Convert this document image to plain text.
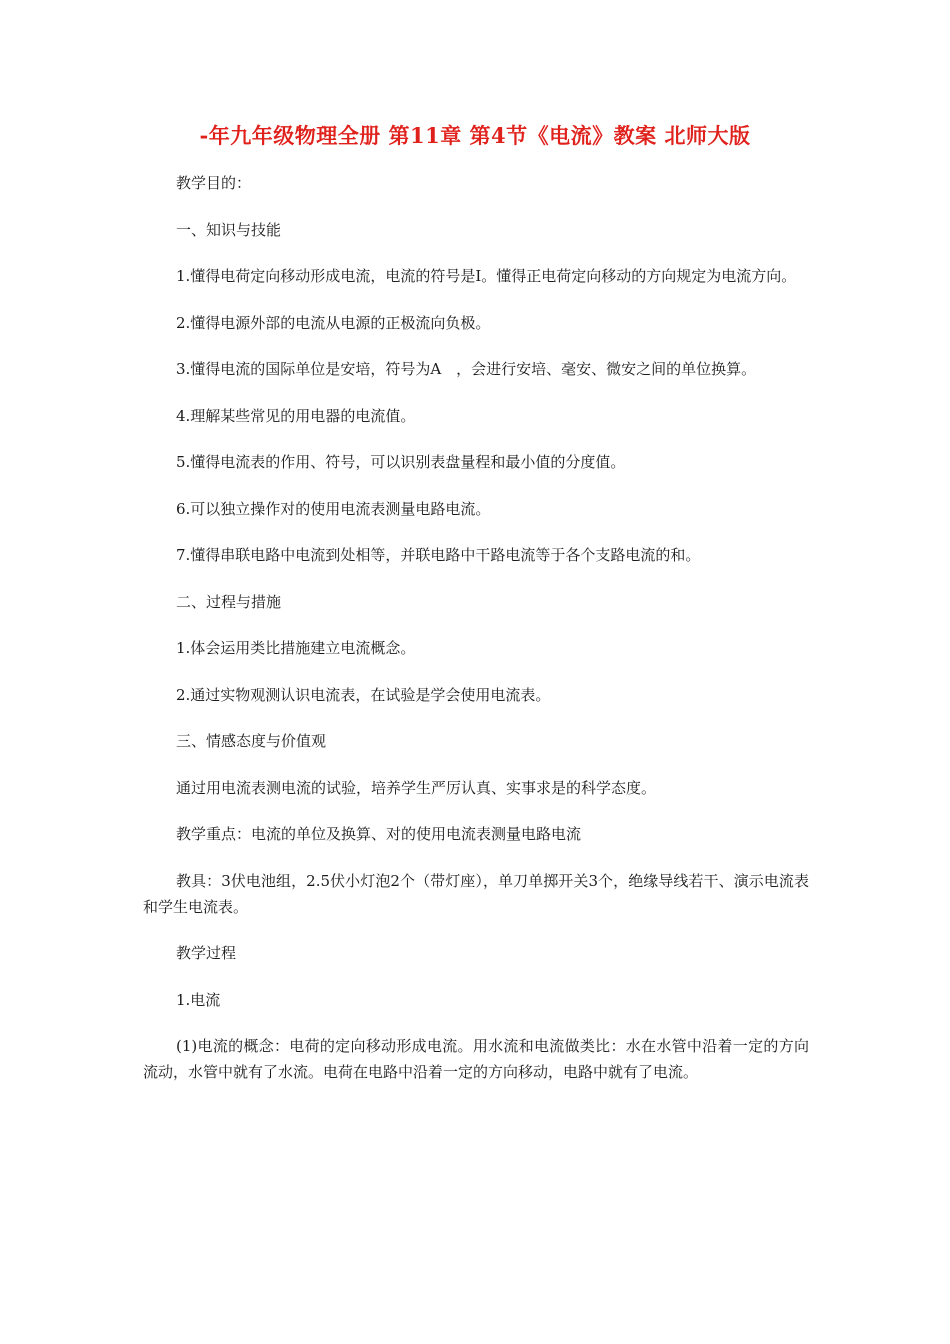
-年九年级物理全册 第11章 第4节《电流》教案 北师大版

教学目的：

一、知识与技能

1.懂得电荷定向移动形成电流，电流的符号是I。懂得正电荷定向移动的方向规定为电流方向。

2.懂得电源外部的电流从电源的正极流向负极。

3.懂得电流的国际单位是安培，符号为A　，会进行安培、毫安、微安之间的单位换算。

4.理解某些常见的用电器的电流值。

5.懂得电流表的作用、符号，可以识别表盘量程和最小值的分度值。

6.可以独立操作对的使用电流表测量电路电流。

7.懂得串联电路中电流到处相等，并联电路中干路电流等于各个支路电流的和。

二、过程与措施

1.体会运用类比措施建立电流概念。

2.通过实物观测认识电流表，在试验是学会使用电流表。

三、情感态度与价值观

通过用电流表测电流的试验，培养学生严厉认真、实事求是的科学态度。

教学重点：电流的单位及换算、对的使用电流表测量电路电流

教具：3伏电池组，2.5伏小灯泡2个（带灯座），单刀单掷开关3个，绝缘导线若干、演示电流表和学生电流表。

教学过程

1.电流

(1)电流的概念：电荷的定向移动形成电流。用水流和电流做类比：水在水管中沿着一定的方向流动，水管中就有了水流。电荷在电路中沿着一定的方向移动，电路中就有了电流。
